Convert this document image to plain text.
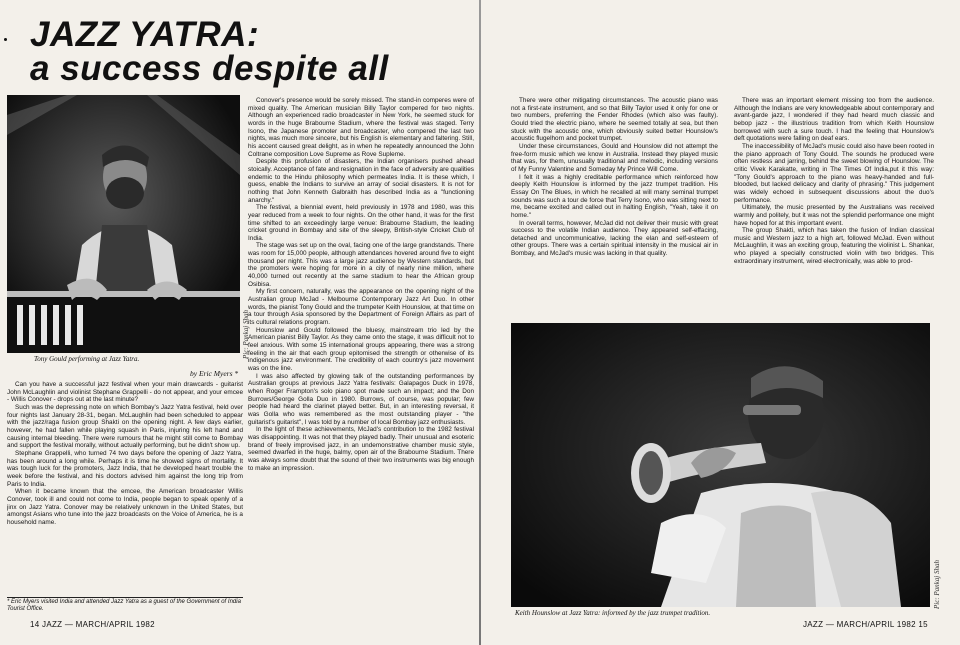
JAZZ YATRA:
a success despite all
Pic: Pankaj Shah
Tony Gould performing at Jazz Yatra.
by Eric Myers *

Can you have a successful jazz festival when your main drawcards - guitarist John McLaughlin and violinist Stephane Grappelli - do not appear, and your emcee - Willis Conover - drops out at the last minute?

Such was the depressing note on which Bombay's Jazz Yatra festival, held over four nights last January 28-31, began. McLaughlin had been scheduled to appear with the jazz/raga fusion group Shakti on the opening night. A few days earlier, however, he had fallen while playing squash in Paris, injuring his left hand and causing internal bleeding. There were rumours that he might still come to Bombay and support the festival morally, without actually performing, but he didn't show up.

Stephane Grappelli, who turned 74 two days before the opening of Jazz Yatra, has been around a long while. Perhaps it is time he showed signs of mortality. It was tough luck for the promoters, Jazz India, that he developed heart trouble the week before the festival, and his doctors advised him against the long trip from Paris to India.

When it became known that the emcee, the American broadcaster Willis Conover, took ill and could not come to India, people began to speak openly of a jinx on Jazz Yatra. Conover may be relatively unknown in the United States, but amongst Asians who tune into the jazz broadcasts on the Voice of America, he is a household name.

* Eric Myers visited India and attended Jazz Yatra as a guest of the Government of India Tourist Office.

Conover's presence would be sorely missed. The stand-in comperes were of mixed quality. The American musician Billy Taylor compered for two nights. Although an experienced radio broadcaster in New York, he seemed stuck for words in the huge Brabourne Stadium, where the festival was staged. Terry Isono, the Japanese promoter and broadcaster, who compered the last two nights, was much more sincere, but his English is elementary and faltering. Still, his accent caused great delight, as in when he repeatedly announced the John Coltrane composition Love Supreme as Rove Supleme.

Despite this profusion of disasters, the Indian organisers pushed ahead stoically. Acceptance of fate and resignation in the face of adversity are qualities endemic to the Hindu philosophy which permeates India. It is these which, I guess, enable the Indians to survive an array of social disasters. It is not for nothing that John Kenneth Galbraith has described India as a "functioning anarchy."

The festival, a biennial event, held previously in 1978 and 1980, was this year reduced from a week to four nights. On the other hand, it was for the first time shifted to an exceedingly large venue: Brabourne Stadium, the leading cricket ground in Bombay and site of the sleepy, British-style Cricket Club of India.

The stage was set up on the oval, facing one of the large grandstands. There was room for 15,000 people, although attendances hovered around five to eight thousand per night. This was a large jazz audience by Western standards, but the promoters were hoping for more in a city of nearly nine million, where 40,000 turned out recently at the same stadium to hear the African group Osibisa.

My first concern, naturally, was the appearance on the opening night of the Australian group McJad - Melbourne Contemporary Jazz Art Duo. In other words, the pianist Tony Gould and the trumpeter Keith Hounslow, at that time on a tour through Asia sponsored by the Department of Foreign Affairs as part of its cultural relations program.

Hounslow and Gould followed the bluesy, mainstream trio led by the American pianist Billy Taylor. As they came onto the stage, it was difficult not to feel anxious. With some 15 international groups appearing, there was a strong feeling in the air that each group epitomised the strength or otherwise of its indigenous jazz environment. The credibility of each country's jazz movement was on the line.

I was also affected by glowing talk of the outstanding performances by Australian groups at previous Jazz Yatra festivals: Galapagos Duck in 1978, when Roger Frampton's solo piano spot made such an impact; and the Don Burrows/George Golla Duo in 1980. Burrows, of course, was popular; few people had heard the clarinet played better. But, in an interesting reversal, it was Golla who was remembered as the most outstanding player - "the guitarist's guitarist", I was told by a number of local Bombay jazz enthusiasts.

In the light of these achievements, McJad's contribution to the 1982 festival was disappointing. It was not that they played badly. Their unusual and esoteric brand of freely improvised jazz, in an undemonstrative chamber music style, seemed dwarfed in the huge, balmy, open air of the Brabourne Stadium. There was always some doubt that the sound of their two instruments was big enough to make an impression.

14 JAZZ — MARCH/APRIL 1982

There were other mitigating circumstances. The acoustic piano was not a first-rate instrument, and so that Billy Taylor used it only for one or two numbers, preferring the Fender Rhodes (which also was faulty). Gould tried the electric piano, where he seemed totally at sea, but then stuck with the acoustic one, which obviously suited better Hounslow's acoustic flugelhorn and pocket trumpet.

Under these circumstances, Gould and Hounslow did not attempt the free-form music which we know in Australia. Instead they played music that was, for them, unusually traditional and melodic, including versions of My Funny Valentine and Someday My Prince Will Come.

I felt it was a highly creditable performance which reinforced how deeply Keith Hounslow is informed by the jazz trumpet tradition. His Essay On The Blues, in which he recalled at will many seminal trumpet sounds was such a tour de force that Terry Isono, who was sitting next to me, became excited and called out in halting English, "Yeah, take it on home."

In overall terms, however, McJad did not deliver their music with great success to the volatile Indian audience. They appeared self-effacing, detached and uncommunicative, lacking the elan and self-esteem of other groups. There was a certain spiritual intensity in the musical air in Bombay, and McJad's music was lacking in that quality.

There was an important element missing too from the audience. Although the Indians are very knowledgeable about contemporary and avant-garde jazz, I wondered if they had heard much classic and bebop jazz - the illustrious tradition from which Keith Hounslow borrowed with such a sure touch. I had the feeling that Hounslow's deft quotations were falling on deaf ears.

The inaccessibility of McJad's music could also have been rooted in the piano approach of Tony Gould. The sounds he produced were often restless and jarring, behind the sweet blowing of Hounslow. The critic Vivek Karakatte, writing in The Times Of India,put it this way: "Tony Gould's approach to the piano was heavy-handed and full-blooded, but lacked delicacy and clarity of phrasing." This judgement was widely echoed in subsequent discussions about the duo's performance.

Ultimately, the music presented by the Australians was received warmly and politely, but it was not the splendid performance one might have hoped for at this important event.

The group Shakti, which has taken the fusion of Indian classical music and Western jazz to a high art, followed McJad. Even without McLaughlin, it was an exciting group, featuring the violinist L. Shankar, who played a specially constructed violin with two bridges. This extraordinary instrument, wired electronically, was able to prod-

Pic: Pankaj Shah
Keith Hounslow at Jazz Yatra: informed by the jazz trumpet tradition.
JAZZ — MARCH/APRIL 1982 15
